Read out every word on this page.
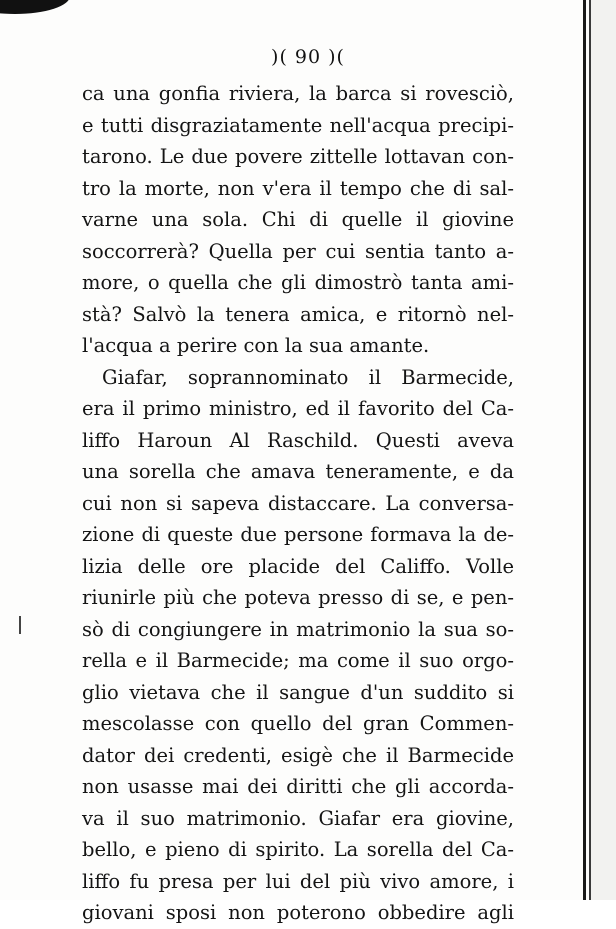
)( 90 )(
ca una gonfia riviera, la barca si rovesciò,
e tutti disgraziatamente nell'acqua precipi-
tarono. Le due povere zittelle lottavan con-
tro la morte, non v'era il tempo che di sal-
varne una sola. Chi di quelle il giovine
soccorrerà? Quella per cui sentia tanto a-
more, o quella che gli dimostrò tanta ami-
stà? Salvò la tenera amica, e ritornò nel-
l'acqua a perire con la sua amante.
Giafar, soprannominato il Barmecide,
era il primo ministro, ed il favorito del Ca-
liffo Haroun Al Raschild. Questi aveva
una sorella che amava teneramente, e da
cui non si sapeva distaccare. La conversa-
zione di queste due persone formava la de-
lizia delle ore placide del Califfo. Volle
riunirle più che poteva presso di se, e pen-
sò di congiungere in matrimonio la sua so-
rella e il Barmecide; ma come il suo orgo-
glio vietava che il sangue d'un suddito si
mescolasse con quello del gran Commen-
dator dei credenti, esigè che il Barmecide
non usasse mai dei diritti che gli accorda-
va il suo matrimonio. Giafar era giovine,
bello, e pieno di spirito. La sorella del Ca-
liffo fu presa per lui del più vivo amore, i
giovani sposi non poterono obbedire agli
